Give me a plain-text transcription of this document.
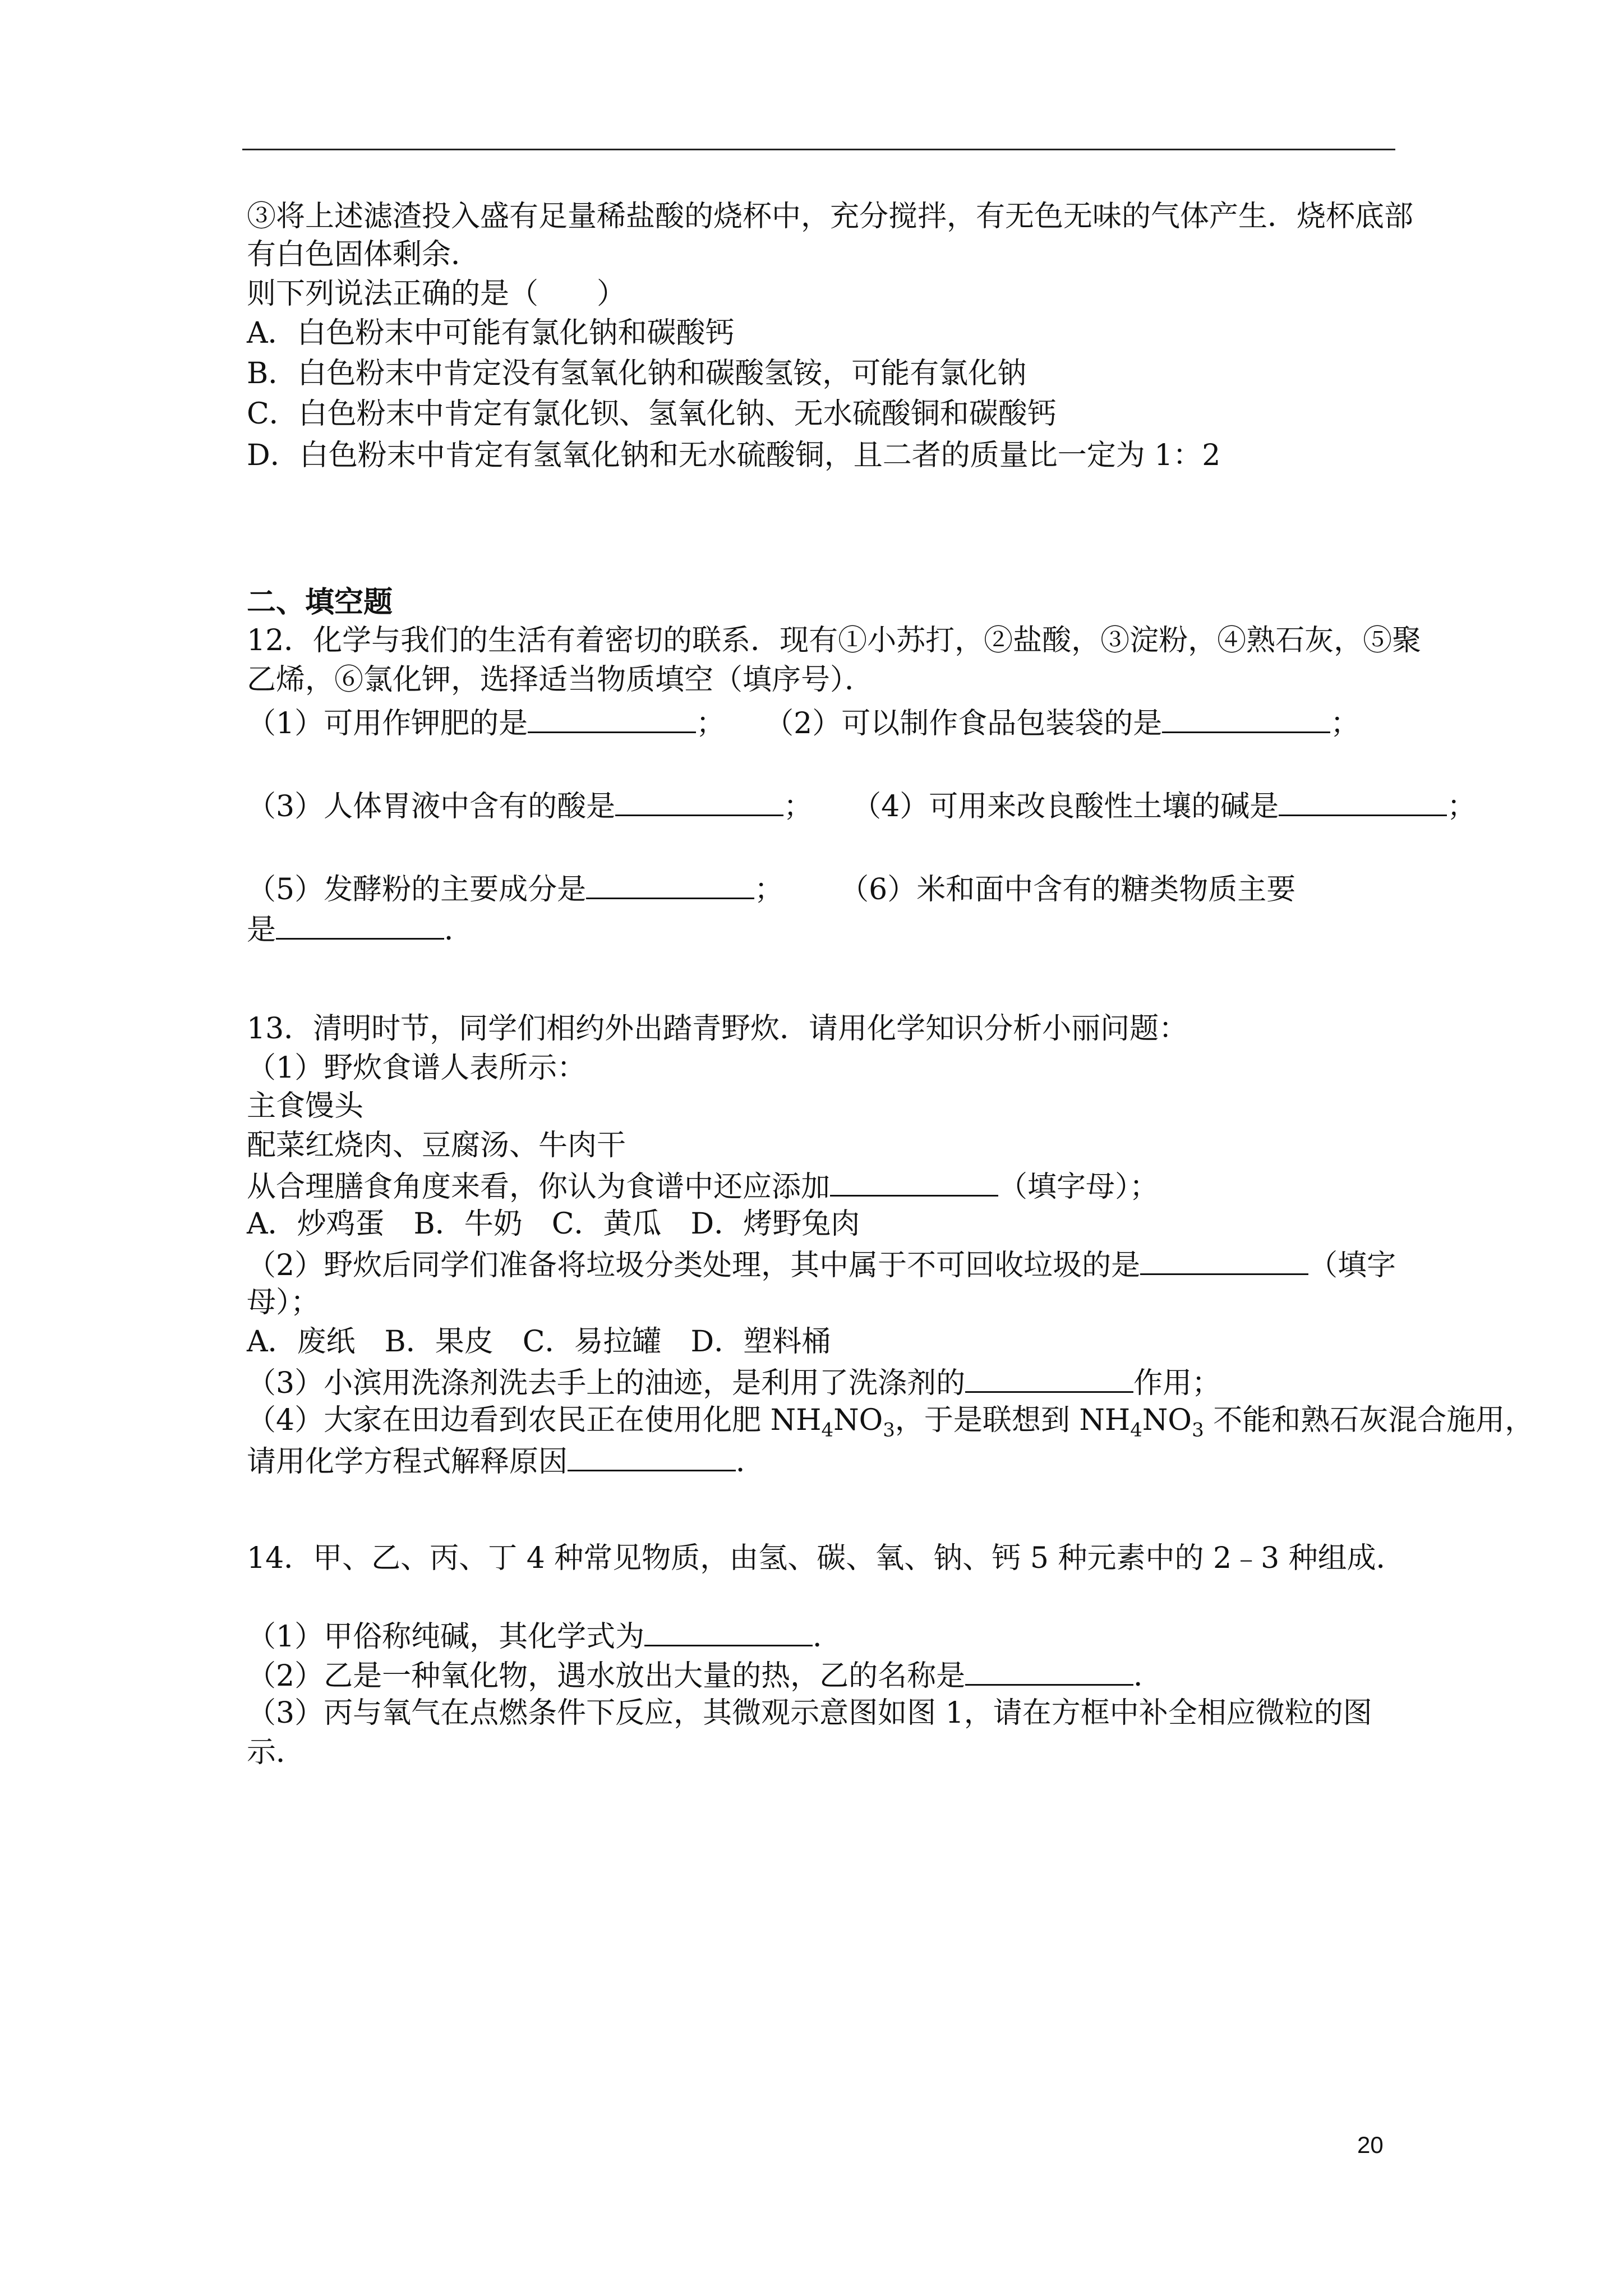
③将上述滤渣投入盛有足量稀盐酸的烧杯中，充分搅拌，有无色无味的气体产生．烧杯底部
有白色固体剩余．
则下列说法正确的是（　　）
A．白色粉末中可能有氯化钠和碳酸钙
B．白色粉末中肯定没有氢氧化钠和碳酸氢铵，可能有氯化钠
C．白色粉末中肯定有氯化钡、氢氧化钠、无水硫酸铜和碳酸钙
D．白色粉末中肯定有氢氧化钠和无水硫酸铜，且二者的质量比一定为 1：2
二、填空题
12．化学与我们的生活有着密切的联系．现有①小苏打，②盐酸，③淀粉，④熟石灰，⑤聚
乙烯，⑥氯化钾，选择适当物质填空（填序号）．
（1）可用作钾肥的是	； （2）可以制作食品包装袋的是	；
（3）人体胃液中含有的酸是	； （4）可用来改良酸性土壤的碱是	；
（5）发酵粉的主要成分是	； （6）米和面中含有的糖类物质主要
是	．
13．清明时节，同学们相约外出踏青野炊．请用化学知识分析小丽问题：
（1）野炊食谱人表所示：
主食馒头
配菜红烧肉、豆腐汤、牛肉干
从合理膳食角度来看，你认为食谱中还应添加	（填字母）；
A．炒鸡蛋　B．牛奶　C．黄瓜　D．烤野兔肉
（2）野炊后同学们准备将垃圾分类处理，其中属于不可回收垃圾的是	（填字
母）；
A．废纸　B．果皮　C．易拉罐　D．塑料桶
（3）小滨用洗涤剂洗去手上的油迹，是利用了洗涤剂的	作用；
（4）大家在田边看到农民正在使用化肥 $NH_4NO_3$，于是联想到 $NH_4NO_3$ 不能和熟石灰混合施用，
请用化学方程式解释原因	．
14．甲、乙、丙、丁 4 种常见物质，由氢、碳、氧、钠、钙 5 种元素中的 2﹣3 种组成．
（1）甲俗称纯碱，其化学式为	．
（2）乙是一种氧化物，遇水放出大量的热，乙的名称是	．
（3）丙与氧气在点燃条件下反应，其微观示意图如图 1，请在方框中补全相应微粒的图
示．
20
